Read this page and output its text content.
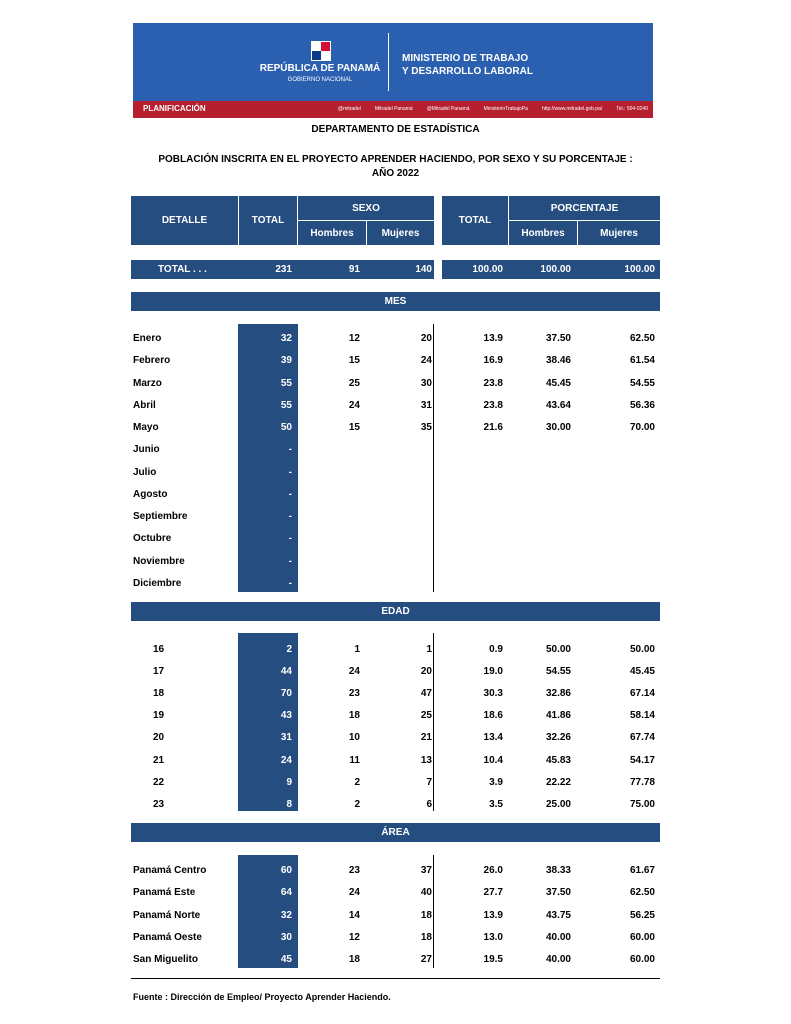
REPÚBLICA DE PANAMÁ
GOBIERNO NACIONAL
MINISTERIO DE TRABAJO
Y DESARROLLO LABORAL
PLANIFICACIÓN	@mitradel	Mitradel Panamá	@Mitradel Panamá	MinisterioTrabajoPa	http://www.mitradel.gob.pa/	Tel.: 504-0240
DEPARTAMENTO DE ESTADÍSTICA
POBLACIÓN INSCRITA EN EL PROYECTO APRENDER HACIENDO, POR SEXO Y SU PORCENTAJE :
AÑO 2022
DETALLE	TOTAL
SEXO
Hombres	Mujeres
TOTAL
PORCENTAJE
Hombres	Mujeres
TOTAL . . .	231	91	140	100.00	100.00	100.00
MES
Enero	32	12	20	13.9	37.50	62.50
Febrero	39	15	24	16.9	38.46	61.54
Marzo	55	25	30	23.8	45.45	54.55
Abril	55	24	31	23.8	43.64	56.36
Mayo	50	15	35	21.6	30.00	70.00
Junio	-
Julio	-
Agosto	-
Septiembre	-
Octubre	-
Noviembre	-
Diciembre	-
EDAD
16	2	1	1	0.9	50.00	50.00
17	44	24	20	19.0	54.55	45.45
18	70	23	47	30.3	32.86	67.14
19	43	18	25	18.6	41.86	58.14
20	31	10	21	13.4	32.26	67.74
21	24	11	13	10.4	45.83	54.17
22	9	2	7	3.9	22.22	77.78
23	8	2	6	3.5	25.00	75.00
ÁREA
Panamá Centro	60	23	37	26.0	38.33	61.67
Panamá Este	64	24	40	27.7	37.50	62.50
Panamá Norte	32	14	18	13.9	43.75	56.25
Panamá Oeste	30	12	18	13.0	40.00	60.00
San Miguelito	45	18	27	19.5	40.00	60.00
Fuente : Dirección de Empleo/ Proyecto Aprender Haciendo.
